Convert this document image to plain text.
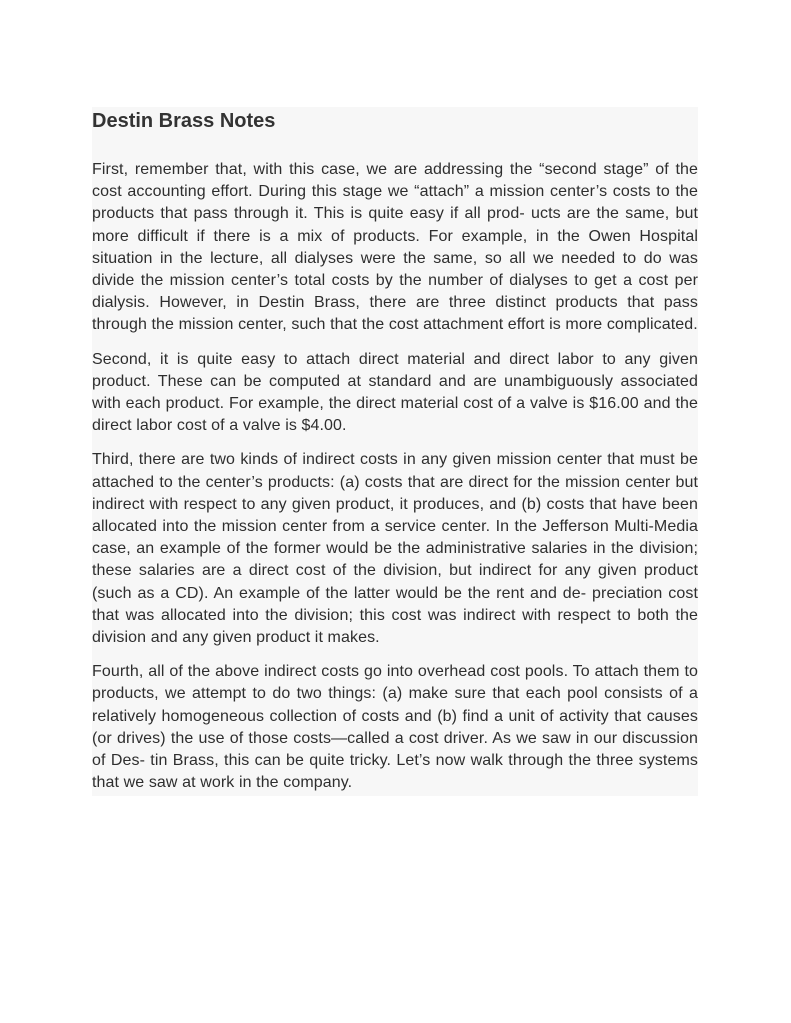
Destin Brass Notes

First, remember that, with this case, we are addressing the “second stage” of the cost accounting effort. During this stage we “attach” a mission center’s costs to the products that pass through it. This is quite easy if all prod- ucts are the same, but more difficult if there is a mix of products. For example, in the Owen Hospital situation in the lecture, all dialyses were the same, so all we needed to do was divide the mission center’s total costs by the number of dialyses to get a cost per dialysis. However, in Destin Brass, there are three distinct products that pass through the mission center, such that the cost attachment effort is more complicated.

Second, it is quite easy to attach direct material and direct labor to any given product. These can be computed at standard and are unambiguously associated with each product. For example, the direct material cost of a valve is $16.00 and the direct labor cost of a valve is $4.00.

Third, there are two kinds of indirect costs in any given mission center that must be attached to the center’s products: (a) costs that are direct for the mission center but indirect with respect to any given product, it produces, and (b) costs that have been allocated into the mission center from a service center. In the Jefferson Multi-Media case, an example of the former would be the administrative salaries in the division; these salaries are a direct cost of the division, but indirect for any given product (such as a CD). An example of the latter would be the rent and de- preciation cost that was allocated into the division; this cost was indirect with respect to both the division and any given product it makes.

Fourth, all of the above indirect costs go into overhead cost pools. To attach them to products, we attempt to do two things: (a) make sure that each pool consists of a relatively homogeneous collection of costs and (b) find a unit of activity that causes (or drives) the use of those costs—called a cost driver. As we saw in our discussion of Des- tin Brass, this can be quite tricky. Let’s now walk through the three systems that we saw at work in the company.
